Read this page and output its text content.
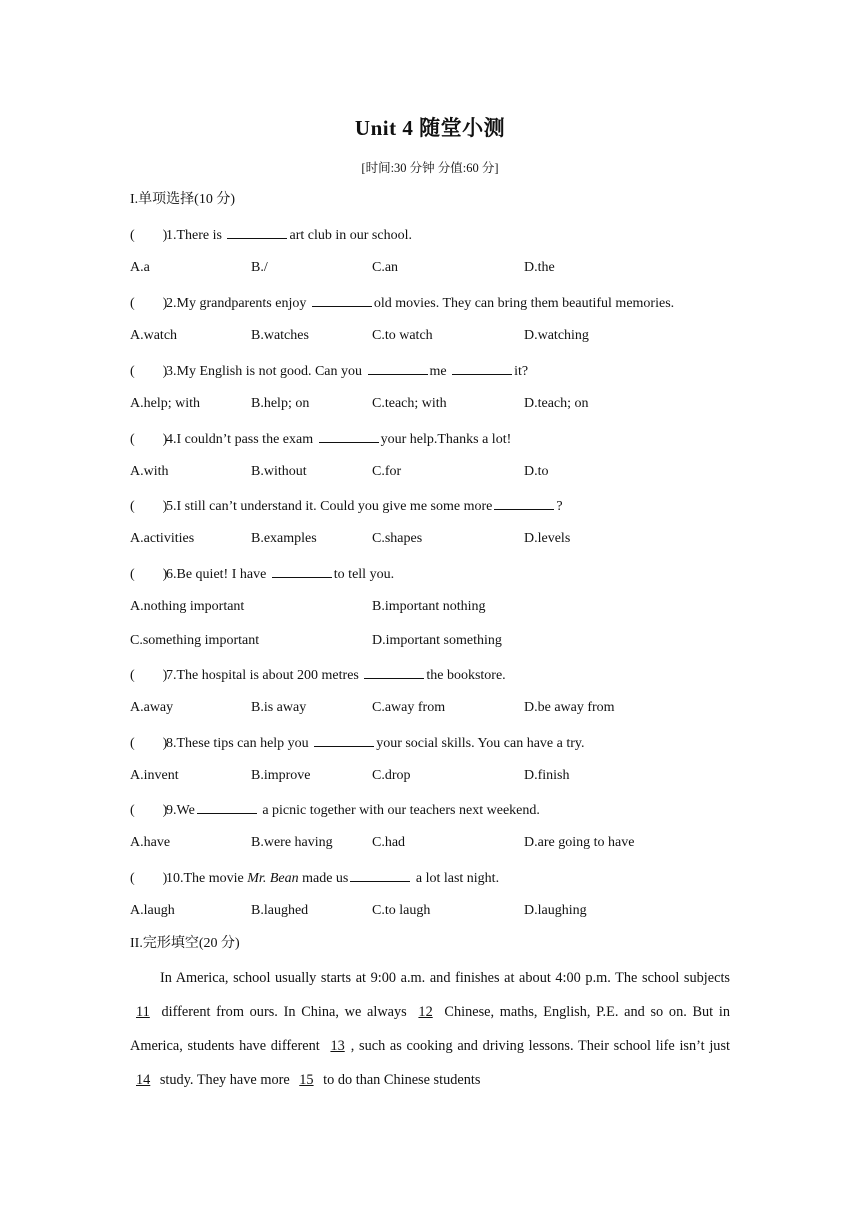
Unit 4 随堂小测
[时间:30 分钟 分值:60 分]
I.单项选择(10 分)
(        )1.There is	art club in our school.
A.a	B./	C.an	D.the
(        )2.My grandparents enjoy	old movies. They can bring them beautiful memories.
A.watch	B.watches	C.to watch	D.watching
(        )3.My English is not good. Can you	me	it?
A.help; with	B.help; on	C.teach; with	D.teach; on
(        )4.I couldn’t pass the exam	your help.Thanks a lot!
A.with	B.without	C.for	D.to
(        )5.I still can’t understand it. Could you give me some more	?
A.activities	B.examples	C.shapes	D.levels
(        )6.Be quiet! I have	to tell you.
A.nothing important	B.important nothing
C.something important	D.important something
(        )7.The hospital is about 200 metres	the bookstore.
A.away	B.is away	C.away from	D.be away from
(        )8.These tips can help you	your social skills. You can have a try.
A.invent	B.improve	C.drop	D.finish
(        )9.We	a picnic together with our teachers next weekend.
A.have	B.were having	C.had	D.are going to have
(        )10.The movie Mr. Bean made us	a lot last night.
A.laugh	B.laughed	C.to laugh	D.laughing
II.完形填空(20 分)
In America, school usually starts at 9:00 a.m. and finishes at about 4:00 p.m. The school subjects 11 different from ours. In China, we always 12 Chinese, maths, English, P.E. and so on. But in America, students have different 13 , such as cooking and driving lessons. Their school life isn’t just 14 study. They have more 15 to do than Chinese students
